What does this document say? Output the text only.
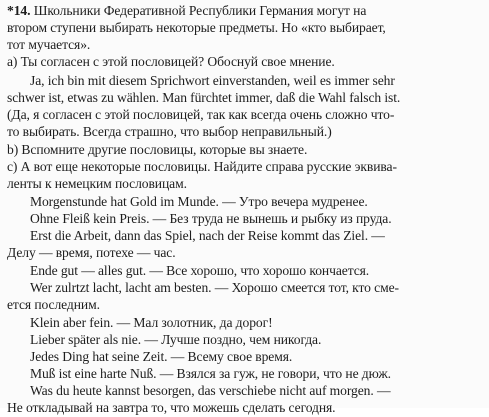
*14. Школьники Федеративной Республики Германия могут на
втором ступени выбирать некоторые предметы. Но «кто выбирает,
тот мучается».
а) Ты согласен с этой пословицей? Обоснуй свое мнение.
Ja, ich bin mit diesem Sprichwort einverstanden, weil es immer sehr
schwer ist, etwas zu wählen. Man fürchtet immer, daß die Wahl falsch ist.
(Да, я согласен с этой пословицей, так как всегда очень сложно что-
то выбирать. Всегда страшно, что выбор неправильный.)
b) Вспомните другие пословицы, которые вы знаете.
с) А вот еще некоторые пословицы. Найдите справа русские эквива-
ленты к немецким пословицам.
Morgenstunde hat Gold im Munde. — Утро вечера мудренее.
Ohne Fleiß kein Preis. — Без труда не вынешь и рыбку из пруда.
Erst die Arbeit, dann das Spiel, nach der Reise kommt das Ziel. —
Делу — время, потехе — час.
Ende gut — alles gut. — Все хорошо, что хорошо кончается.
Wer zulrtzt lacht, lacht am besten. — Хорошо смеется тот, кто сме-
ется последним.
Klein aber fein. — Мал золотник, да дорог!
Lieber später als nie. — Лучше поздно, чем никогда.
Jedes Ding hat seine Zeit. — Всему свое время.
Muß ist eine harte Nuß. — Взялся за гуж, не говори, что не дюж.
Was du heute kannst besorgen, das verschiebe nicht auf morgen. —
Не откладывай на завтра то, что можешь сделать сегодня.
